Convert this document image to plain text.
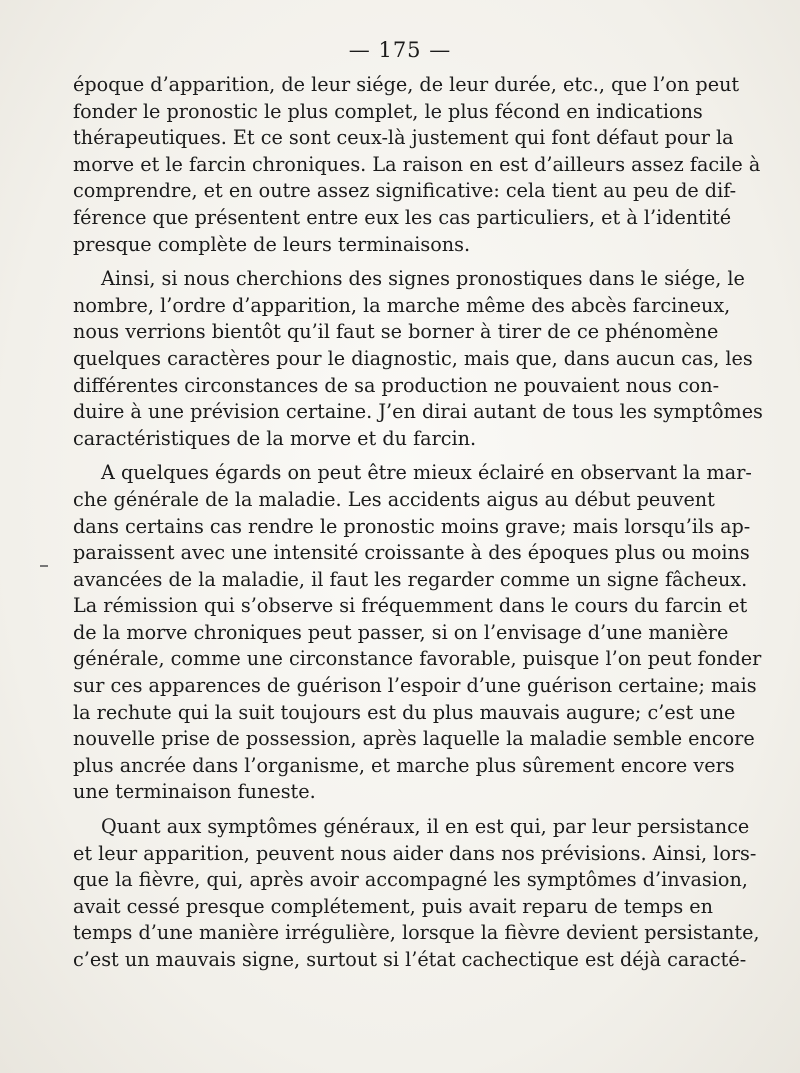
— 175 —
époque d’apparition, de leur siége, de leur durée, etc., que l’on peut
fonder le pronostic le plus complet, le plus fécond en indications
thérapeutiques. Et ce sont ceux-là justement qui font défaut pour la
morve et le farcin chroniques. La raison en est d’ailleurs assez facile à
comprendre, et en outre assez significative: cela tient au peu de dif-
férence que présentent entre eux les cas particuliers, et à l’identité
presque complète de leurs terminaisons.
Ainsi, si nous cherchions des signes pronostiques dans le siége, le
nombre, l’ordre d’apparition, la marche même des abcès farcineux,
nous verrions bientôt qu’il faut se borner à tirer de ce phénomène
quelques caractères pour le diagnostic, mais que, dans aucun cas, les
différentes circonstances de sa production ne pouvaient nous con-
duire à une prévision certaine. J’en dirai autant de tous les symptômes
caractéristiques de la morve et du farcin.
A quelques égards on peut être mieux éclairé en observant la mar-
che générale de la maladie. Les accidents aigus au début peuvent
dans certains cas rendre le pronostic moins grave; mais lorsqu’ils ap-
paraissent avec une intensité croissante à des époques plus ou moins
avancées de la maladie, il faut les regarder comme un signe fâcheux.
La rémission qui s’observe si fréquemment dans le cours du farcin et
de la morve chroniques peut passer, si on l’envisage d’une manière
générale, comme une circonstance favorable, puisque l’on peut fonder
sur ces apparences de guérison l’espoir d’une guérison certaine; mais
la rechute qui la suit toujours est du plus mauvais augure; c’est une
nouvelle prise de possession, après laquelle la maladie semble encore
plus ancrée dans l’organisme, et marche plus sûrement encore vers
une terminaison funeste.
Quant aux symptômes généraux, il en est qui, par leur persistance
et leur apparition, peuvent nous aider dans nos prévisions. Ainsi, lors-
que la fièvre, qui, après avoir accompagné les symptômes d’invasion,
avait cessé presque complétement, puis avait reparu de temps en
temps d’une manière irrégulière, lorsque la fièvre devient persistante,
c’est un mauvais signe, surtout si l’état cachectique est déjà caracté-
